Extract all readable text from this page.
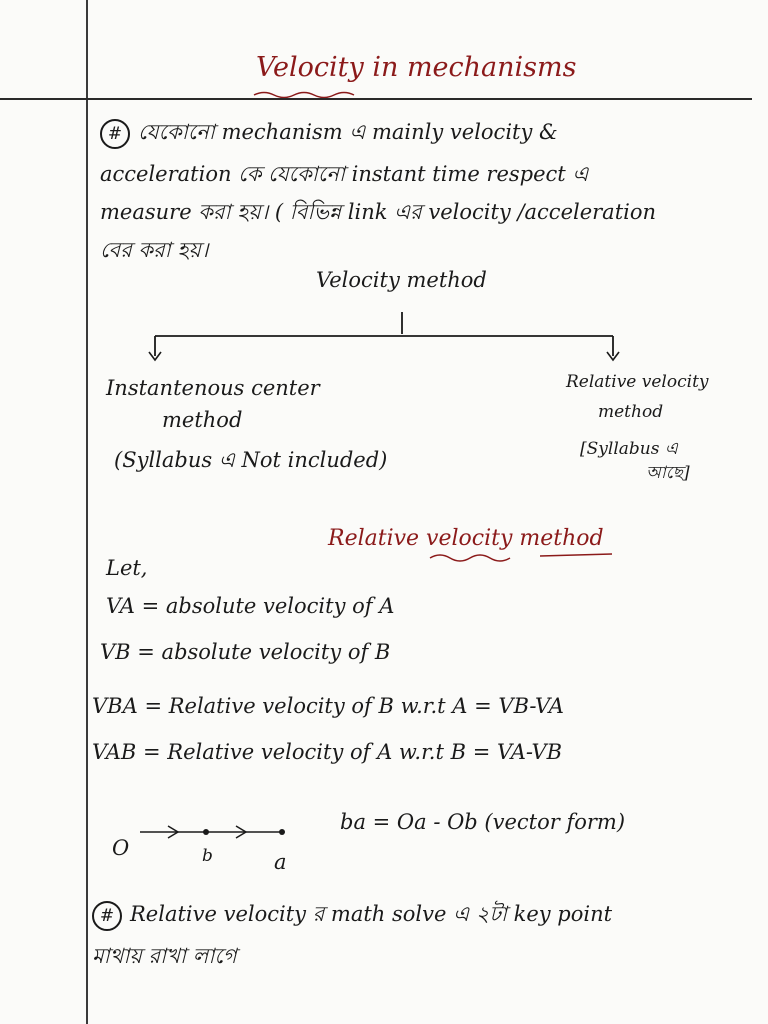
Velocity in mechanisms
# যেকোনো mechanism এ mainly velocity &
acceleration কে যেকোনো instant time respect এ
measure করা হয়। ( বিভিন্ন link এর velocity /acceleration
বের করা হয়।
Velocity method
Instantenous center
method
(Syllabus এ Not included)
Relative velocity
method
[Syllabus এ
আছে]
Relative velocity method
Let,
VA = absolute velocity of A
VB = absolute velocity of B
VBA = Relative velocity of B w.r.t A = VB-VA
VAB = Relative velocity of A w.r.t B = VA-VB
O	b	a
ba = Oa - Ob (vector form)
# Relative velocity র math solve এ ২টা key point
মাথায় রাখা লাগে
